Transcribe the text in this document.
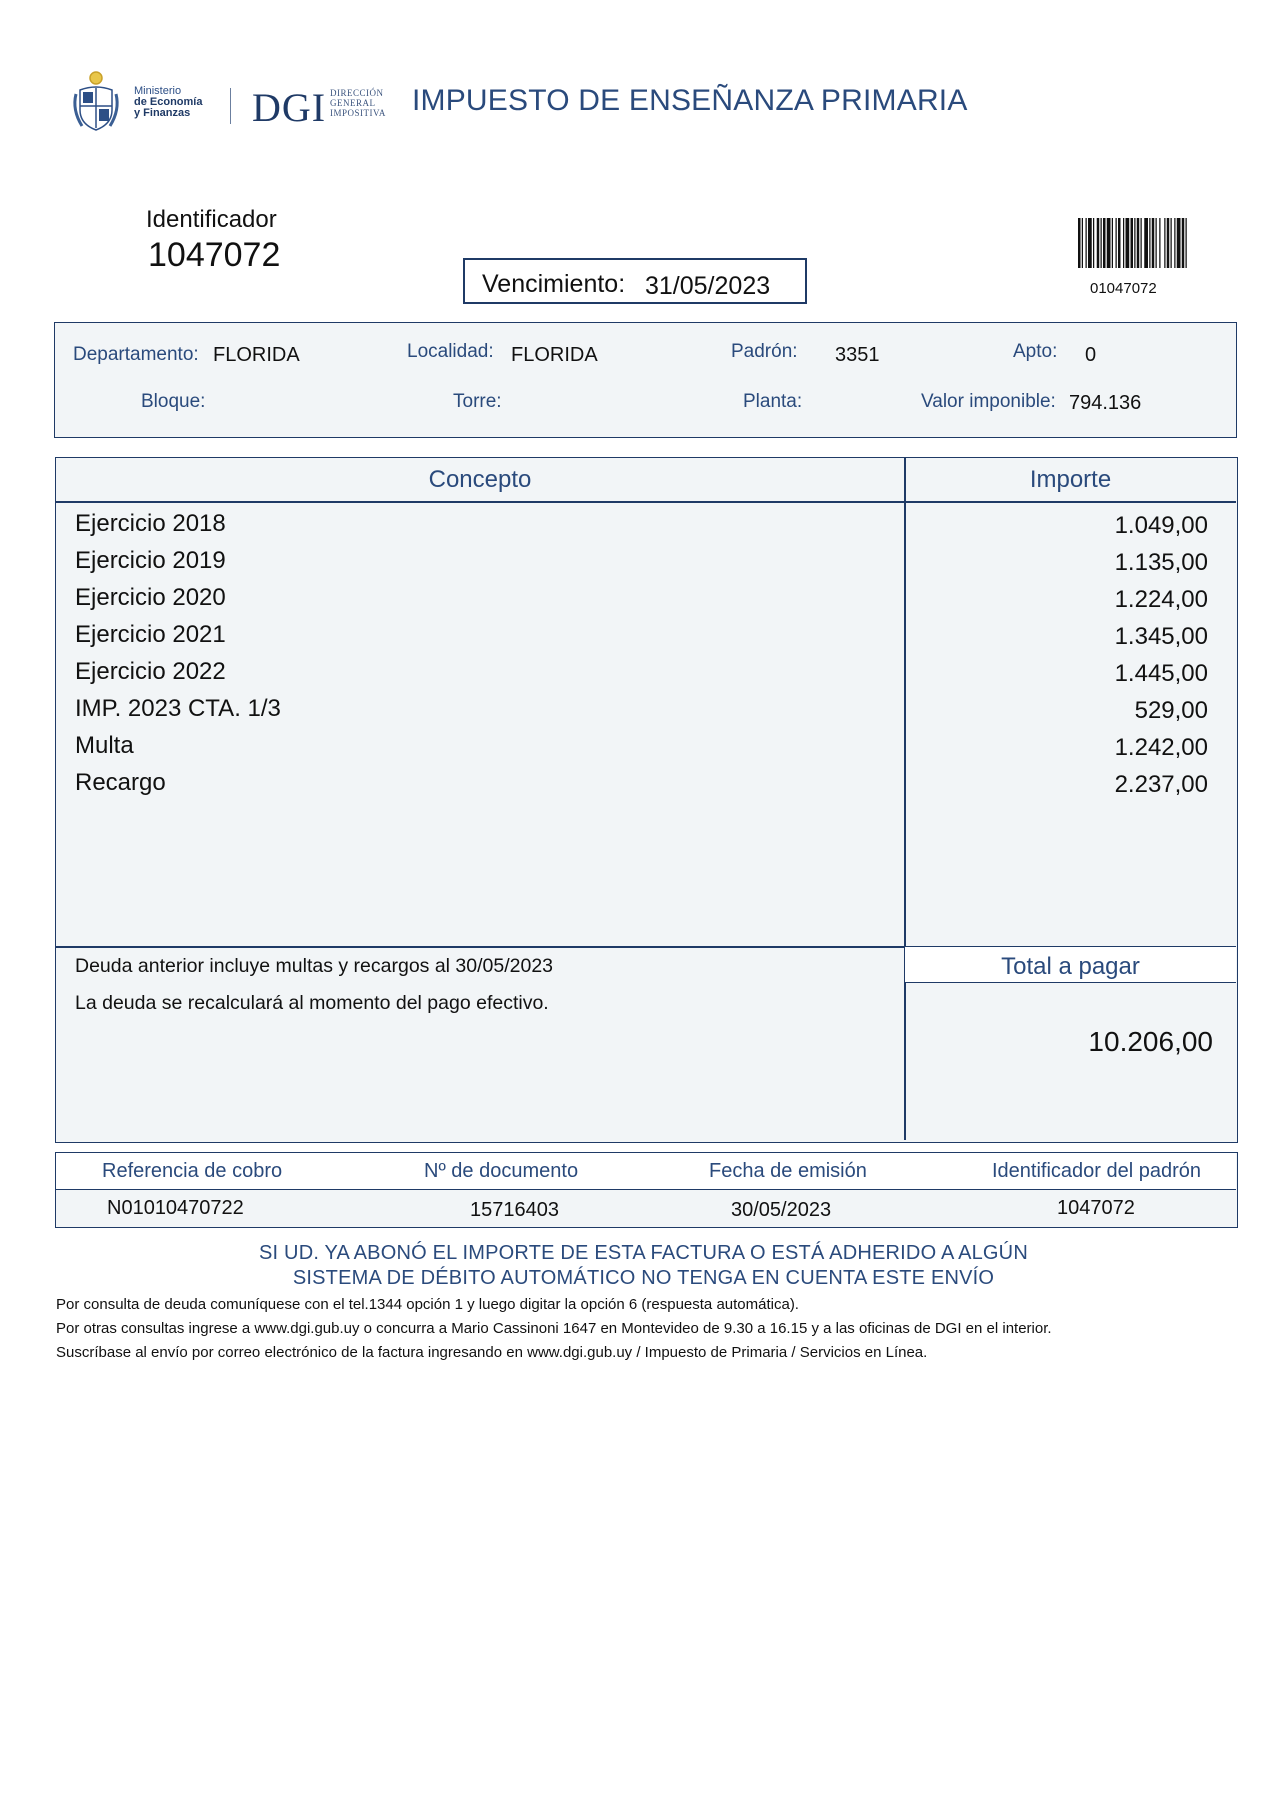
Ministerio
de Economía
y Finanzas	DGI DIRECCIÓN
GENERAL
IMPOSITIVA IMPUESTO DE ENSEÑANZA PRIMARIA
Identificador
1047072
Vencimiento: 31/05/2023	01047072
Departamento: FLORIDA	Localidad: FLORIDA	Padrón: 3351	Apto: 0
Bloque:	Torre:	Planta:	Valor imponible: 794.136
Concepto	Importe
Ejercicio 2018	1.049,00
Ejercicio 2019	1.135,00
Ejercicio 2020	1.224,00
Ejercicio 2021	1.345,00
Ejercicio 2022	1.445,00
IMP. 2023 CTA. 1/3	529,00
Multa	1.242,00
Recargo	2.237,00
Deuda anterior incluye multas y recargos al 30/05/2023
La deuda se recalculará al momento del pago efectivo.
Total a pagar
10.206,00
Referencia de cobro	Nº de documento	Fecha de emisión	Identificador del padrón
N01010470722	15716403	30/05/2023	1047072
SI UD. YA ABONÓ EL IMPORTE DE ESTA FACTURA O ESTÁ ADHERIDO A ALGÚN
SISTEMA DE DÉBITO AUTOMÁTICO NO TENGA EN CUENTA ESTE ENVÍO
Por consulta de deuda comuníquese con el tel.1344 opción 1 y luego digitar la opción 6 (respuesta automática).
Por otras consultas ingrese a www.dgi.gub.uy o concurra a Mario Cassinoni 1647 en Montevideo de 9.30 a 16.15 y a las oficinas de DGI en el interior.
Suscríbase al envío por correo electrónico de la factura ingresando en www.dgi.gub.uy / Impuesto de Primaria / Servicios en Línea.
